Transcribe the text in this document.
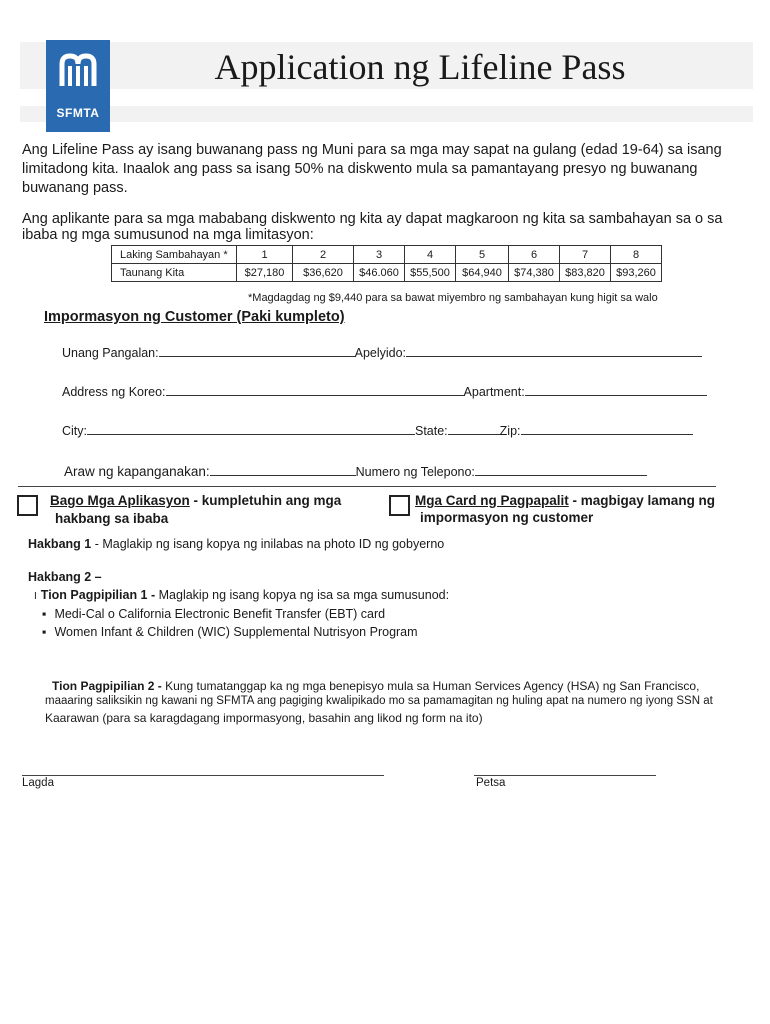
SFMTA
Application ng Lifeline Pass
Ang Lifeline Pass ay isang buwanang pass ng Muni para sa mga may sapat na gulang (edad 19-64) sa isang limitadong kita. Inaalok ang pass sa isang 50% na diskwento mula sa pamantayang presyo ng buwanang buwanang pass.
Ang aplikante para sa mga mababang diskwento ng kita ay dapat magkaroon ng kita sa sambahayan sa o sa ibaba ng mga sumusunod na mga limitasyon:
Laking Sambahayan *	1	2	3	4	5	6	7	8
Taunang Kita	$27,180	$36,620	$46.060	$55,500	$64,940	$74,380	$83,820	$93,260
*Magdagdag ng $9,440 para sa bawat miyembro ng sambahayan kung higit sa walo
Impormasyon ng Customer (Paki kumpleto)
Unang Pangalan:	Apelyido:
Address ng Koreo:	Apartment:
City:	State:	Zip:
Araw ng kapanganakan:	Numero ng Telepono:
Bago Mga Aplikasyon - kumpletuhin ang mga
hakbang sa ibaba
Mga Card ng Pagpapalit - magbigay lamang ng
impormasyon ng customer
Hakbang 1 - Maglakip ng isang kopya ng inilabas na photo ID ng gobyerno
Hakbang 2 –
I Tion Pagpipilian 1 - Maglakip ng isang kopya ng isa sa mga sumusunod:
▪ Medi-Cal o California Electronic Benefit Transfer (EBT) card
▪ Women Infant & Children (WIC) Supplemental Nutrisyon Program
Tion Pagpipilian 2 - Kung tumatanggap ka ng mga benepisyo mula sa Human Services Agency (HSA) ng San Francisco,
maaaring saliksikin ng kawani ng SFMTA ang pagiging kwalipikado mo sa pamamagitan ng huling apat na numero ng iyong SSN at
Kaarawan (para sa karagdagang impormasyong, basahin ang likod ng form na ito)
Lagda	Petsa
